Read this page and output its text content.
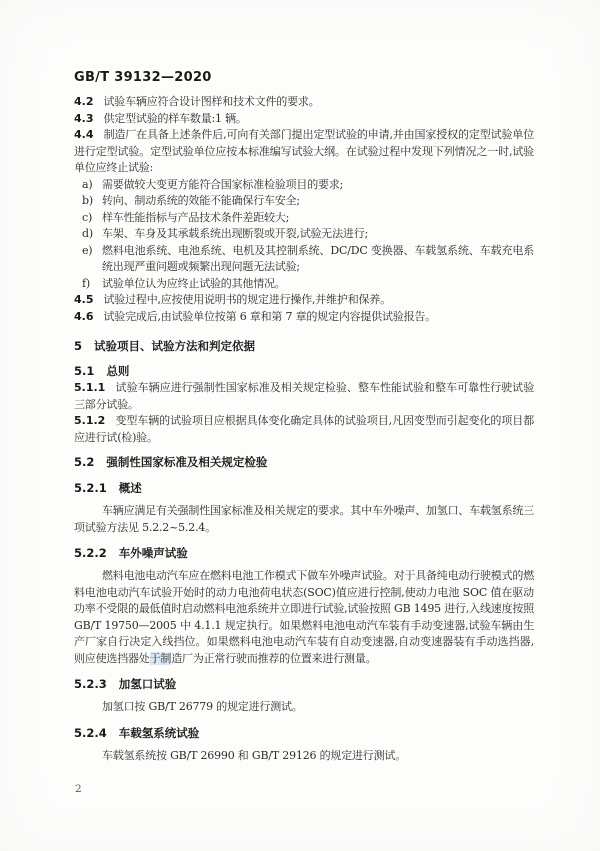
GB/T 39132—2020

4.2 试验车辆应符合设计图样和技术文件的要求。

4.3 供定型试验的样车数量:1 辆。

4.4 制造厂在具备上述条件后,可向有关部门提出定型试验的申请,并由国家授权的定型试验单位进行定型试验。定型试验单位应按本标准编写试验大纲。在试验过程中发现下列情况之一时,试验单位应终止试验:

a) 需要做较大变更方能符合国家标准检验项目的要求;
b) 转向、制动系统的效能不能确保行车安全;
c) 样车性能指标与产品技术条件差距较大;
d) 车架、车身及其承载系统出现断裂或开裂,试验无法进行;
e) 燃料电池系统、电池系统、电机及其控制系统、DC/DC 变换器、车载氢系统、车载充电系统出现严重问题或频繁出现问题无法试验;
f)	试验单位认为应终止试验的其他情况。

4.5 试验过程中,应按使用说明书的规定进行操作,并维护和保养。

4.6 试验完成后,由试验单位按第 6 章和第 7 章的规定内容提供试验报告。

5 试验项目、试验方法和判定依据

5.1 总则

5.1.1 试验车辆应进行强制性国家标准及相关规定检验、整车性能试验和整车可靠性行驶试验三部分试验。

5.1.2 变型车辆的试验项目应根据具体变化确定具体的试验项目,凡因变型而引起变化的项目都应进行试(检)验。

5.2 强制性国家标准及相关规定检验

5.2.1 概述

车辆应满足有关强制性国家标准及相关规定的要求。其中车外噪声、加氢口、车载氢系统三项试验方法见 5.2.2~5.2.4。

5.2.2 车外噪声试验

燃料电池电动汽车应在燃料电池工作模式下做车外噪声试验。对于具备纯电动行驶模式的燃料电池电动汽车试验开始时的动力电池荷电状态(SOC)值应进行控制,使动力电池 SOC 值在驱动功率不受限的最低值时启动燃料电池系统并立即进行试验,试验按照 GB 1495 进行,入线速度按照 GB/T 19750—2005 中 4.1.1 规定执行。如果燃料电池电动汽车装有手动变速器,试验车辆由生产厂家自行决定入线挡位。如果燃料电池电动汽车装有自动变速器,自动变速器装有手动选挡器,则应使选挡器处于制造厂为正常行驶而推荐的位置来进行测量。

5.2.3 加氢口试验

加氢口按 GB/T 26779 的规定进行测试。

5.2.4 车载氢系统试验

车载氢系统按 GB/T 26990 和 GB/T 29126 的规定进行测试。

2
